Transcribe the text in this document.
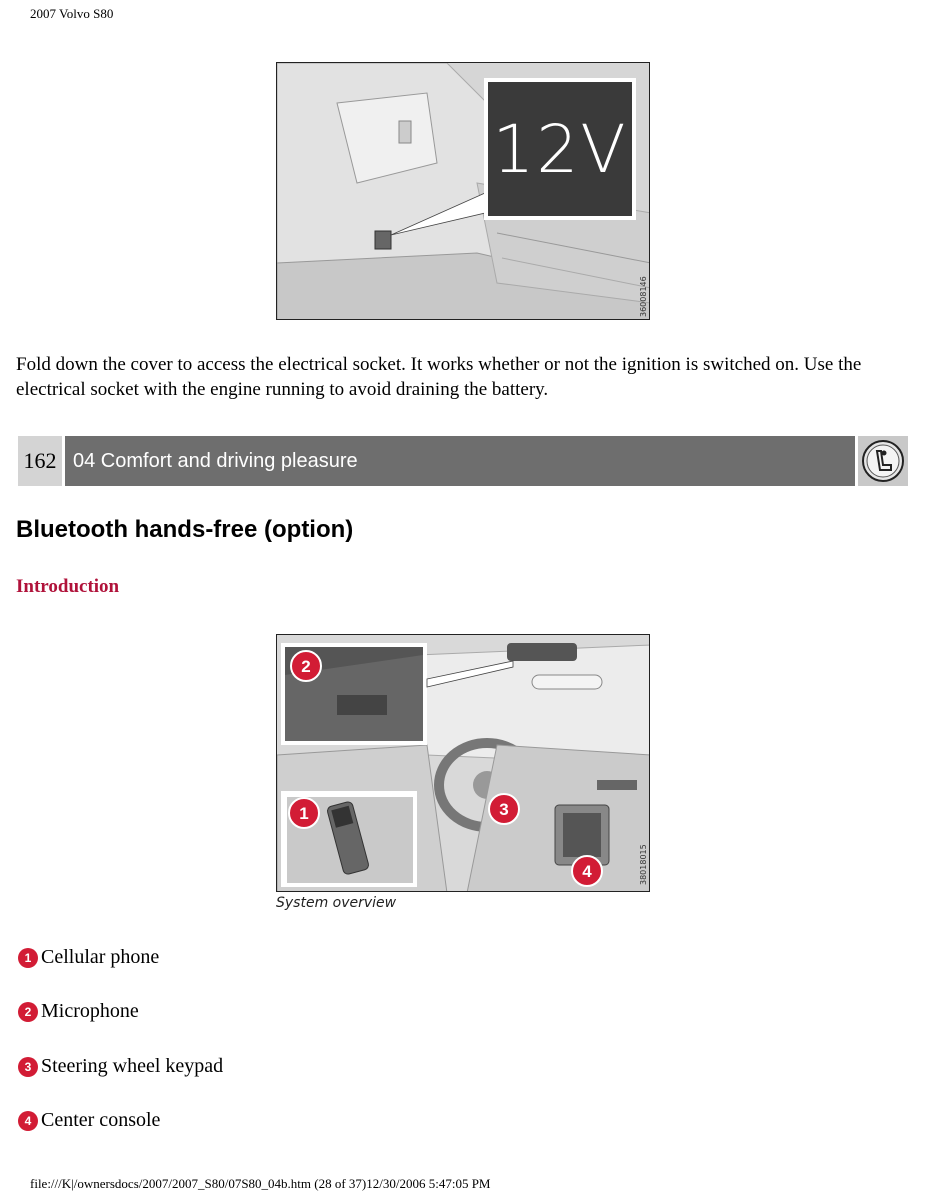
2007 Volvo S80
36008146
12V
Fold down the cover to access the electrical socket. It works whether or not the ignition is switched on. Use the electrical socket with the engine running to avoid draining the battery.
162 04 Comfort and driving pleasure
Bluetooth hands-free (option)
Introduction
2
1	3
4	38018015
System overview
1 Cellular phone
2 Microphone
3 Steering wheel keypad
4 Center console
file:///K|/ownersdocs/2007/2007_S80/07S80_04b.htm (28 of 37)12/30/2006 5:47:05 PM
